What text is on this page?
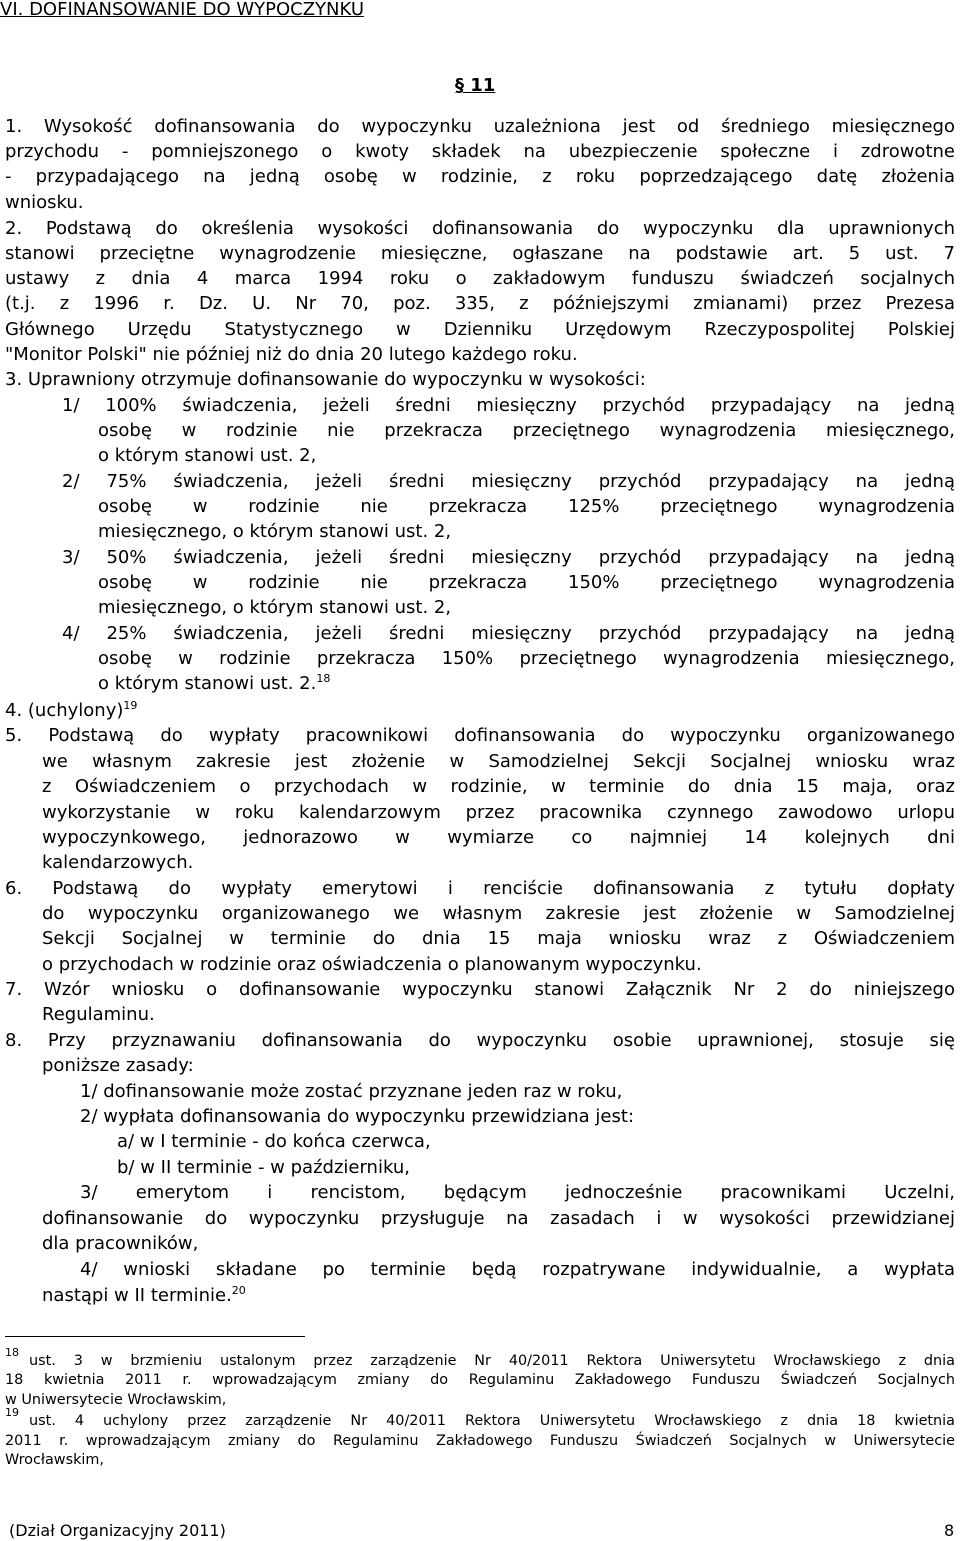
VI. DOFINANSOWANIE DO WYPOCZYNKU
§ 11
1. Wysokość dofinansowania do wypoczynku uzależniona jest od średniego miesięcznego
przychodu - pomniejszonego o kwoty składek na ubezpieczenie społeczne i zdrowotne
- przypadającego na jedną osobę w rodzinie, z roku poprzedzającego datę złożenia
wniosku.
2. Podstawą do określenia wysokości dofinansowania do wypoczynku dla uprawnionych
stanowi przeciętne wynagrodzenie miesięczne, ogłaszane na podstawie art. 5 ust. 7
ustawy z dnia 4 marca 1994 roku o zakładowym funduszu świadczeń socjalnych
(t.j. z 1996 r. Dz. U. Nr 70, poz. 335, z późniejszymi zmianami) przez Prezesa
Głównego Urzędu Statystycznego w Dzienniku Urzędowym Rzeczypospolitej Polskiej
"Monitor Polski" nie później niż do dnia 20 lutego każdego roku.
3. Uprawniony otrzymuje dofinansowanie do wypoczynku w wysokości:
1/ 100% świadczenia, jeżeli średni miesięczny przychód przypadający na jedną
osobę w rodzinie nie przekracza przeciętnego wynagrodzenia miesięcznego,
o którym stanowi ust. 2,
2/ 75% świadczenia, jeżeli średni miesięczny przychód przypadający na jedną
osobę w rodzinie nie przekracza 125% przeciętnego wynagrodzenia
miesięcznego, o którym stanowi ust. 2,
3/ 50% świadczenia, jeżeli średni miesięczny przychód przypadający na jedną
osobę w rodzinie nie przekracza 150% przeciętnego wynagrodzenia
miesięcznego, o którym stanowi ust. 2,
4/ 25% świadczenia, jeżeli średni miesięczny przychód przypadający na jedną
osobę w rodzinie przekracza 150% przeciętnego wynagrodzenia miesięcznego,
o którym stanowi ust. 2.18
4. (uchylony)$^{19}$
5. Podstawą do wypłaty pracownikowi dofinansowania do wypoczynku organizowanego
we własnym zakresie jest złożenie w Samodzielnej Sekcji Socjalnej wniosku wraz
z Oświadczeniem o przychodach w rodzinie, w terminie do dnia 15 maja, oraz
wykorzystanie w roku kalendarzowym przez pracownika czynnego zawodowo urlopu
wypoczynkowego, jednorazowo w wymiarze co najmniej 14 kolejnych dni
kalendarzowych.
6. Podstawą do wypłaty emerytowi i renciście dofinansowania z tytułu dopłaty
do wypoczynku organizowanego we własnym zakresie jest złożenie w Samodzielnej
Sekcji Socjalnej w terminie do dnia 15 maja wniosku wraz z Oświadczeniem
o przychodach w rodzinie oraz oświadczenia o planowanym wypoczynku.
7. Wzór wniosku o dofinansowanie wypoczynku stanowi Załącznik Nr 2 do niniejszego
Regulaminu.
8. Przy przyznawaniu dofinansowania do wypoczynku osobie uprawnionej, stosuje się
poniższe zasady:
1/ dofinansowanie może zostać przyznane jeden raz w roku,
2/ wypłata dofinansowania do wypoczynku przewidziana jest:
a/ w I terminie - do końca czerwca,
b/ w II terminie - w październiku,
3/ emerytom i rencistom, będącym jednocześnie pracownikami Uczelni,
dofinansowanie do wypoczynku przysługuje na zasadach i w wysokości przewidzianej
dla pracowników,
4/ wnioski składane po terminie będą rozpatrywane indywidualnie, a wypłata
nastąpi w II terminie.$^{20}$
$^{18}$
ust. 3 w brzmieniu ustalonym przez zarządzenie Nr 40/2011 Rektora Uniwersytetu Wrocławskiego z dnia
18 kwietnia 2011 r. wprowadzającym zmiany do Regulaminu Zakładowego Funduszu Świadczeń Socjalnych
w Uniwersytecie Wrocławskim,
$^{19}$
ust. 4 uchylony przez zarządzenie Nr 40/2011 Rektora Uniwersytetu Wrocławskiego z dnia 18 kwietnia
2011 r. wprowadzającym zmiany do Regulaminu Zakładowego Funduszu Świadczeń Socjalnych w Uniwersytecie
Wrocławskim,
(Dział Organizacyjny 2011)	8
